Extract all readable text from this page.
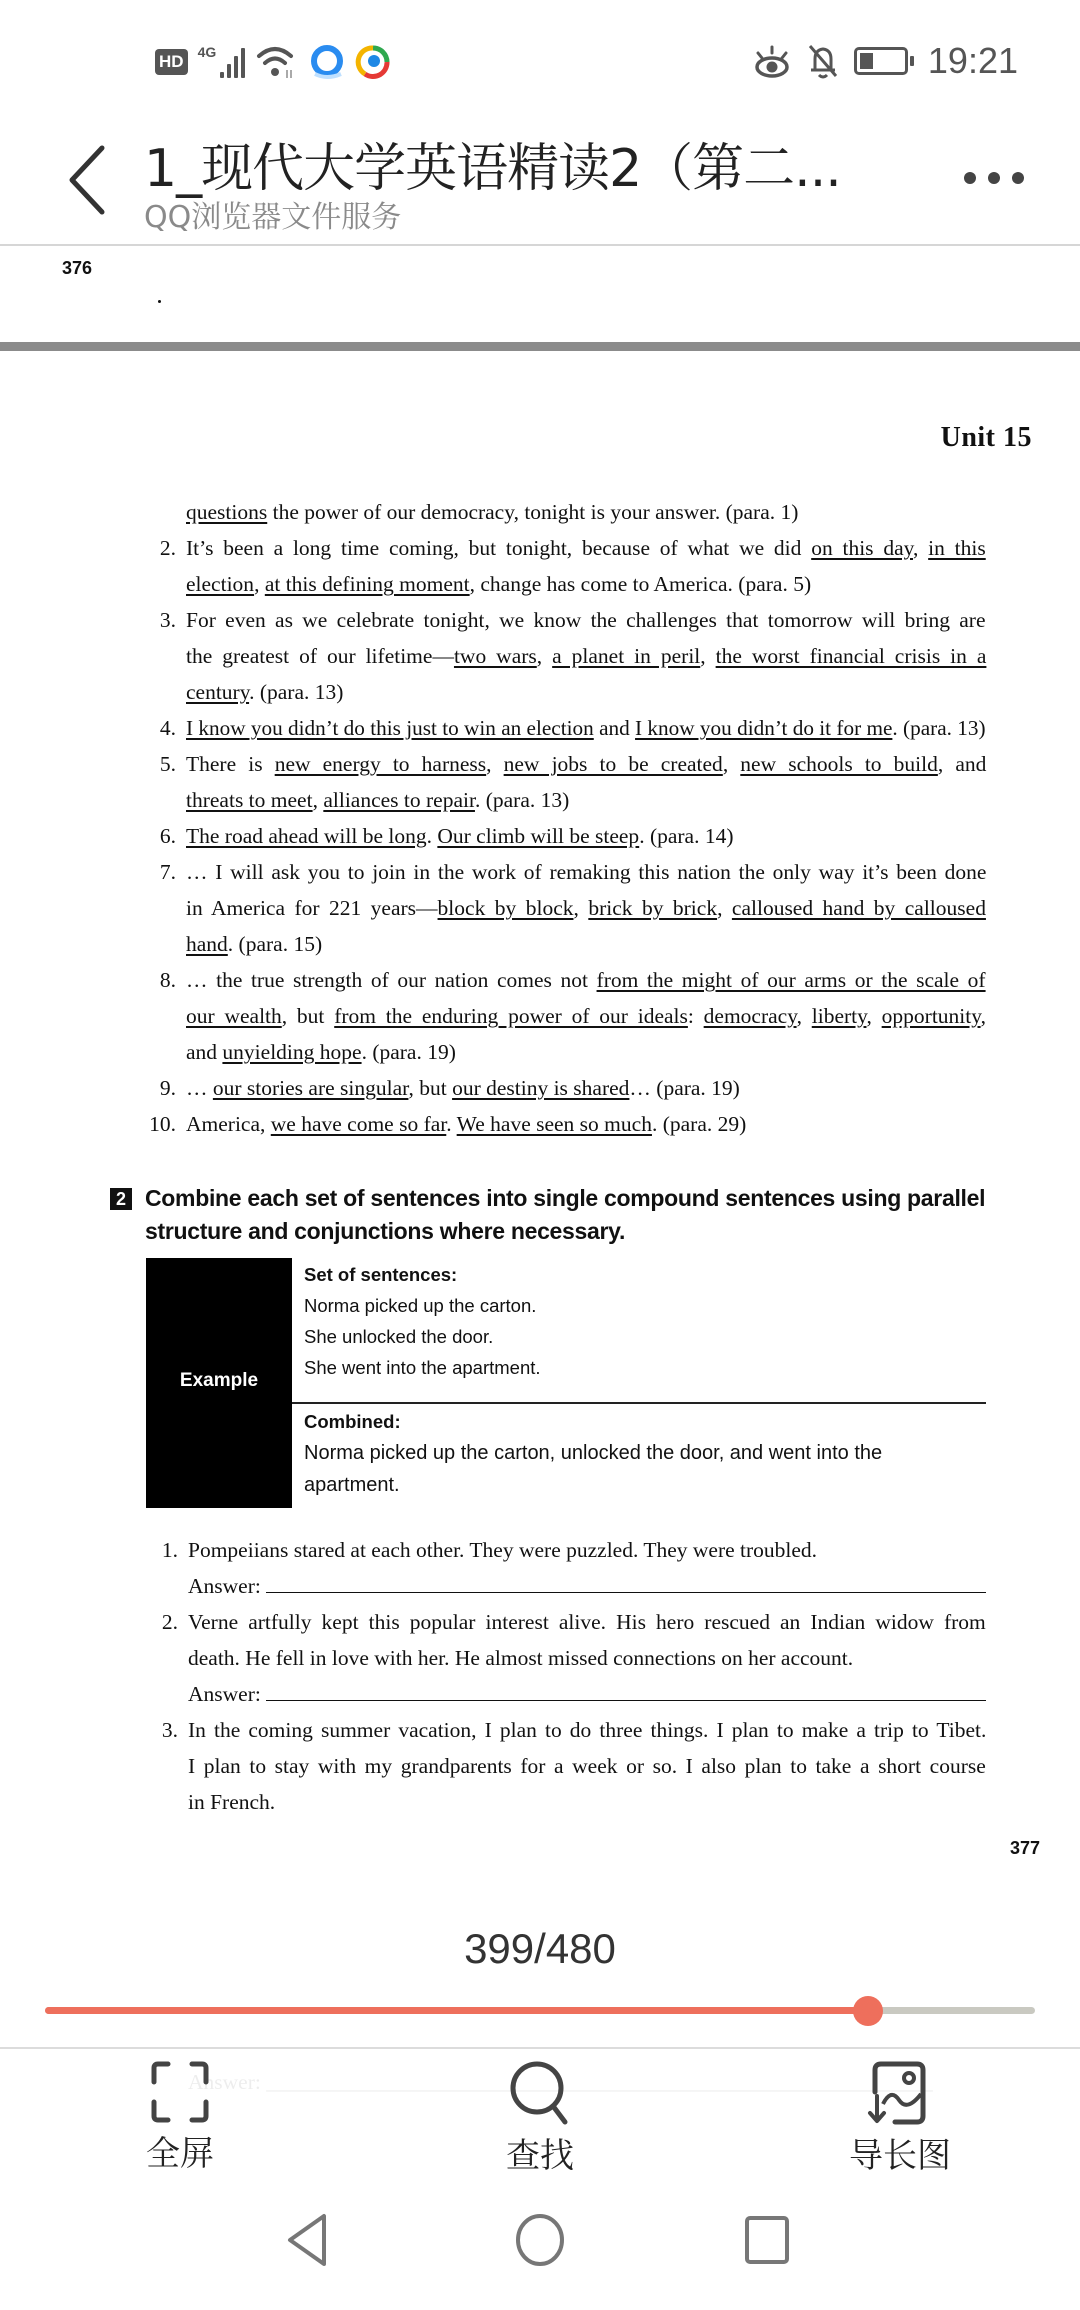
HD 4G	19:21
1_现代大学英语精读2（第二...
QQ浏览器文件服务
376
Unit 15
questions the power of our democracy, tonight is your answer. (para. 1)
2. It’s been a long time coming, but tonight, because of what we did on this day, in this
election, at this defining moment, change has come to America. (para. 5)
3. For even as we celebrate tonight, we know the challenges that tomorrow will bring are
the greatest of our lifetime—two wars, a planet in peril, the worst financial crisis in a
century. (para. 13)
4. I know you didn’t do this just to win an election and I know you didn’t do it for me. (para. 13)
5. There is new energy to harness, new jobs to be created, new schools to build, and
threats to meet, alliances to repair. (para. 13)
6. The road ahead will be long. Our climb will be steep. (para. 14)
7. … I will ask you to join in the work of remaking this nation the only way it’s been done
in America for 221 years—block by block, brick by brick, calloused hand by calloused
hand. (para. 15)
8. … the true strength of our nation comes not from the might of our arms or the scale of
our wealth, but from the enduring power of our ideals: democracy, liberty, opportunity,
and unyielding hope. (para. 19)
9. … our stories are singular, but our destiny is shared… (para. 19)
10. America, we have come so far. We have seen so much. (para. 29)
2 Combine each set of sentences into single compound sentences using parallel structure and conjunctions where necessary.
Example
Set of sentences:
Norma picked up the carton.
She unlocked the door.
She went into the apartment.
Combined:
Norma picked up the carton, unlocked the door, and went into the
apartment.
1. Pompeiians stared at each other. They were puzzled. They were troubled.
Answer:
2. Verne artfully kept this popular interest alive. His hero rescued an Indian widow from
death. He fell in love with her. He almost missed connections on her account.
Answer:
3. In the coming summer vacation, I plan to do three things. I plan to make a trip to Tibet.
I plan to stay with my grandparents for a week or so. I also plan to take a short course
in French.
377
399/480
Answer: ______________________________________________________________
全屏	查找	导长图
